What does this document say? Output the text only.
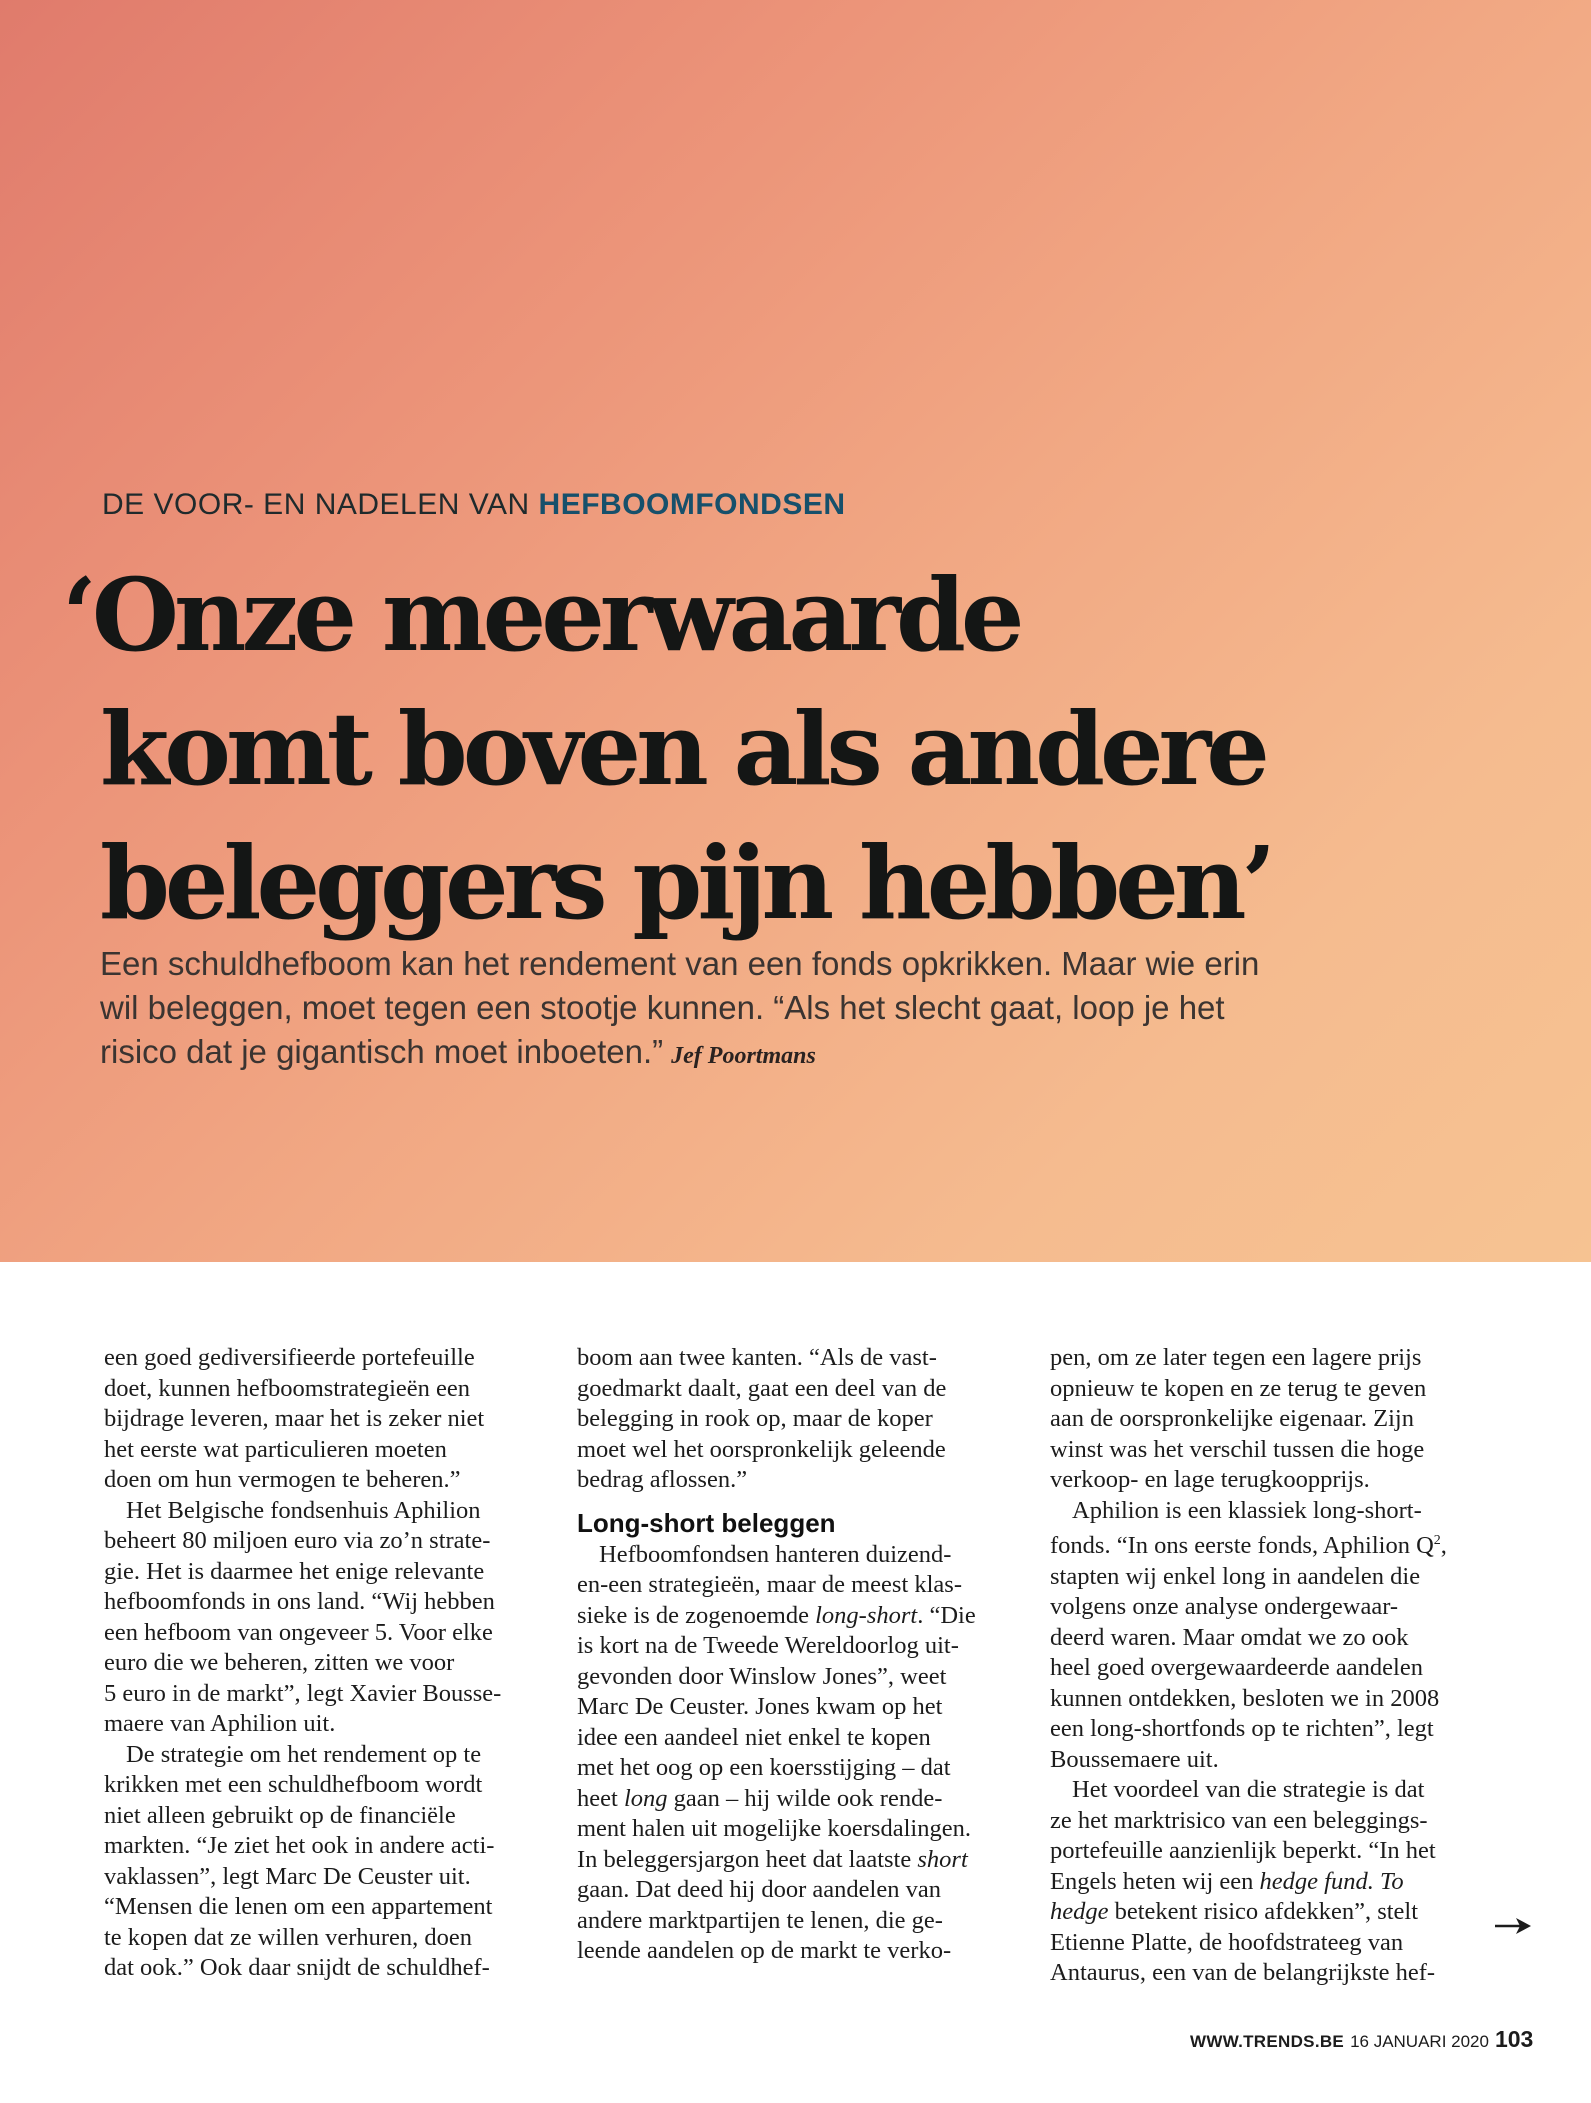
DE VOOR- EN NADELEN VAN HEFBOOMFONDSEN
‘Onze meerwaarde
komt boven als andere
beleggers pijn hebben’

Een schuldhefboom kan het rendement van een fonds opkrikken. Maar wie erin
wil beleggen, moet tegen een stootje kunnen. “Als het slecht gaat, loop je het
risico dat je gigantisch moet inboeten.” Jef Poortmans

een goed gediversifieerde portefeuille
doet, kunnen hefboomstrategieën een
bijdrage leveren, maar het is zeker niet
het eerste wat particulieren moeten
doen om hun vermogen te beheren.”
Het Belgische fondsenhuis Aphilion
beheert 80 miljoen euro via zo’n strate-
gie. Het is daarmee het enige relevante
hefboomfonds in ons land. “Wij hebben
een hefboom van ongeveer 5. Voor elke
euro die we beheren, zitten we voor
5 euro in de markt”, legt Xavier Bousse-
maere van Aphilion uit.
De strategie om het rendement op te
krikken met een schuldhefboom wordt
niet alleen gebruikt op de financiële
markten. “Je ziet het ook in andere acti-
vaklassen”, legt Marc De Ceuster uit.
“Mensen die lenen om een appartement
te kopen dat ze willen verhuren, doen
dat ook.” Ook daar snijdt de schuldhef-
boom aan twee kanten. “Als de vast-
goedmarkt daalt, gaat een deel van de
belegging in rook op, maar de koper
moet wel het oorspronkelijk geleende
bedrag aflossen.”
Long-short beleggen
Hefboomfondsen hanteren duizend-
en-een strategieën, maar de meest klas-
sieke is de zogenoemde long-short. “Die
is kort na de Tweede Wereldoorlog uit-
gevonden door Winslow Jones”, weet
Marc De Ceuster. Jones kwam op het
idee een aandeel niet enkel te kopen
met het oog op een koersstijging – dat
heet long gaan – hij wilde ook rende-
ment halen uit mogelijke koersdalingen.
In beleggersjargon heet dat laatste short
gaan. Dat deed hij door aandelen van
andere marktpartijen te lenen, die ge-
leende aandelen op de markt te verko-
pen, om ze later tegen een lagere prijs
opnieuw te kopen en ze terug te geven
aan de oorspronkelijke eigenaar. Zijn
winst was het verschil tussen die hoge
verkoop- en lage terugkoopprijs.
Aphilion is een klassiek long-short-
fonds. “In ons eerste fonds, Aphilion $Q^2$,
stapten wij enkel long in aandelen die
volgens onze analyse ondergewaar-
deerd waren. Maar omdat we zo ook
heel goed overgewaardeerde aandelen
kunnen ontdekken, besloten we in 2008
een long-shortfonds op te richten”, legt
Boussemaere uit.
Het voordeel van die strategie is dat
ze het marktrisico van een beleggings-
portefeuille aanzienlijk beperkt. “In het
Engels heten wij een hedge fund. To
hedge betekent risico afdekken”, stelt
Etienne Platte, de hoofdstrateeg van
Antaurus, een van de belangrijkste hef-
WWW.TRENDS.BE 16 JANUARI 2020 103
